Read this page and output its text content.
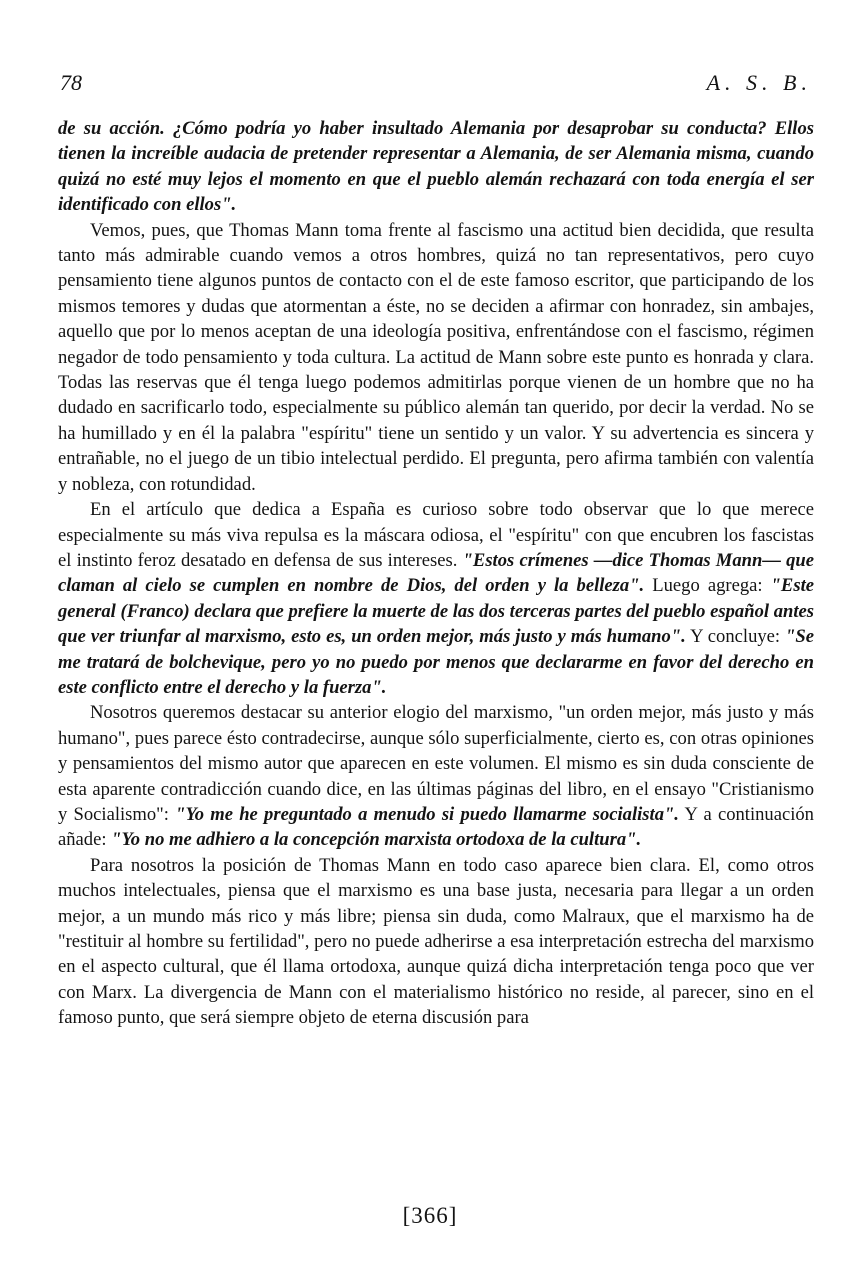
78	A. S. B.

de su acción. ¿Cómo podría yo haber insultado Alemania por desaprobar su conducta? Ellos tienen la increíble audacia de pretender representar a Alemania, de ser Alemania misma, cuando quizá no esté muy lejos el momento en que el pueblo alemán rechazará con toda energía el ser identificado con ellos".

Vemos, pues, que Thomas Mann toma frente al fascismo una actitud bien decidida, que resulta tanto más admirable cuando vemos a otros hombres, quizá no tan representativos, pero cuyo pensamiento tiene algunos puntos de contacto con el de este famoso escritor, que participando de los mismos temores y dudas que atormentan a éste, no se deciden a afirmar con honradez, sin ambajes, aquello que por lo menos aceptan de una ideología positiva, enfrentándose con el fascismo, régimen negador de todo pensamiento y toda cultura. La actitud de Mann sobre este punto es honrada y clara. Todas las reservas que él tenga luego podemos admitirlas porque vienen de un hombre que no ha dudado en sacrificarlo todo, especialmente su público alemán tan querido, por decir la verdad. No se ha humillado y en él la palabra "espíritu" tiene un sentido y un valor. Y su advertencia es sincera y entrañable, no el juego de un tibio intelectual perdido. El pregunta, pero afirma también con valentía y nobleza, con rotundidad.

En el artículo que dedica a España es curioso sobre todo observar que lo que merece especialmente su más viva repulsa es la máscara odiosa, el "espíritu" con que encubren los fascistas el instinto feroz desatado en defensa de sus intereses. "Estos crímenes —dice Thomas Mann— que claman al cielo se cumplen en nombre de Dios, del orden y la belleza". Luego agrega: "Este general (Franco) declara que prefiere la muerte de las dos terceras partes del pueblo español antes que ver triunfar al marxismo, esto es, un orden mejor, más justo y más humano". Y concluye: "Se me tratará de bolchevique, pero yo no puedo por menos que declararme en favor del derecho en este conflicto entre el derecho y la fuerza".

Nosotros queremos destacar su anterior elogio del marxismo, "un orden mejor, más justo y más humano", pues parece ésto contradecirse, aunque sólo superficialmente, cierto es, con otras opiniones y pensamientos del mismo autor que aparecen en este volumen. El mismo es sin duda consciente de esta aparente contradicción cuando dice, en las últimas páginas del libro, en el ensayo "Cristianismo y Socialismo": "Yo me he preguntado a menudo si puedo llamarme socialista". Y a continuación añade: "Yo no me adhiero a la concepción marxista ortodoxa de la cultura".

Para nosotros la posición de Thomas Mann en todo caso aparece bien clara. El, como otros muchos intelectuales, piensa que el marxismo es una base justa, necesaria para llegar a un orden mejor, a un mundo más rico y más libre; piensa sin duda, como Malraux, que el marxismo ha de "restituir al hombre su fertilidad", pero no puede adherirse a esa interpretación estrecha del marxismo en el aspecto cultural, que él llama ortodoxa, aunque quizá dicha interpretación tenga poco que ver con Marx. La divergencia de Mann con el materialismo histórico no reside, al parecer, sino en el famoso punto, que será siempre objeto de eterna discusión para

[366]
